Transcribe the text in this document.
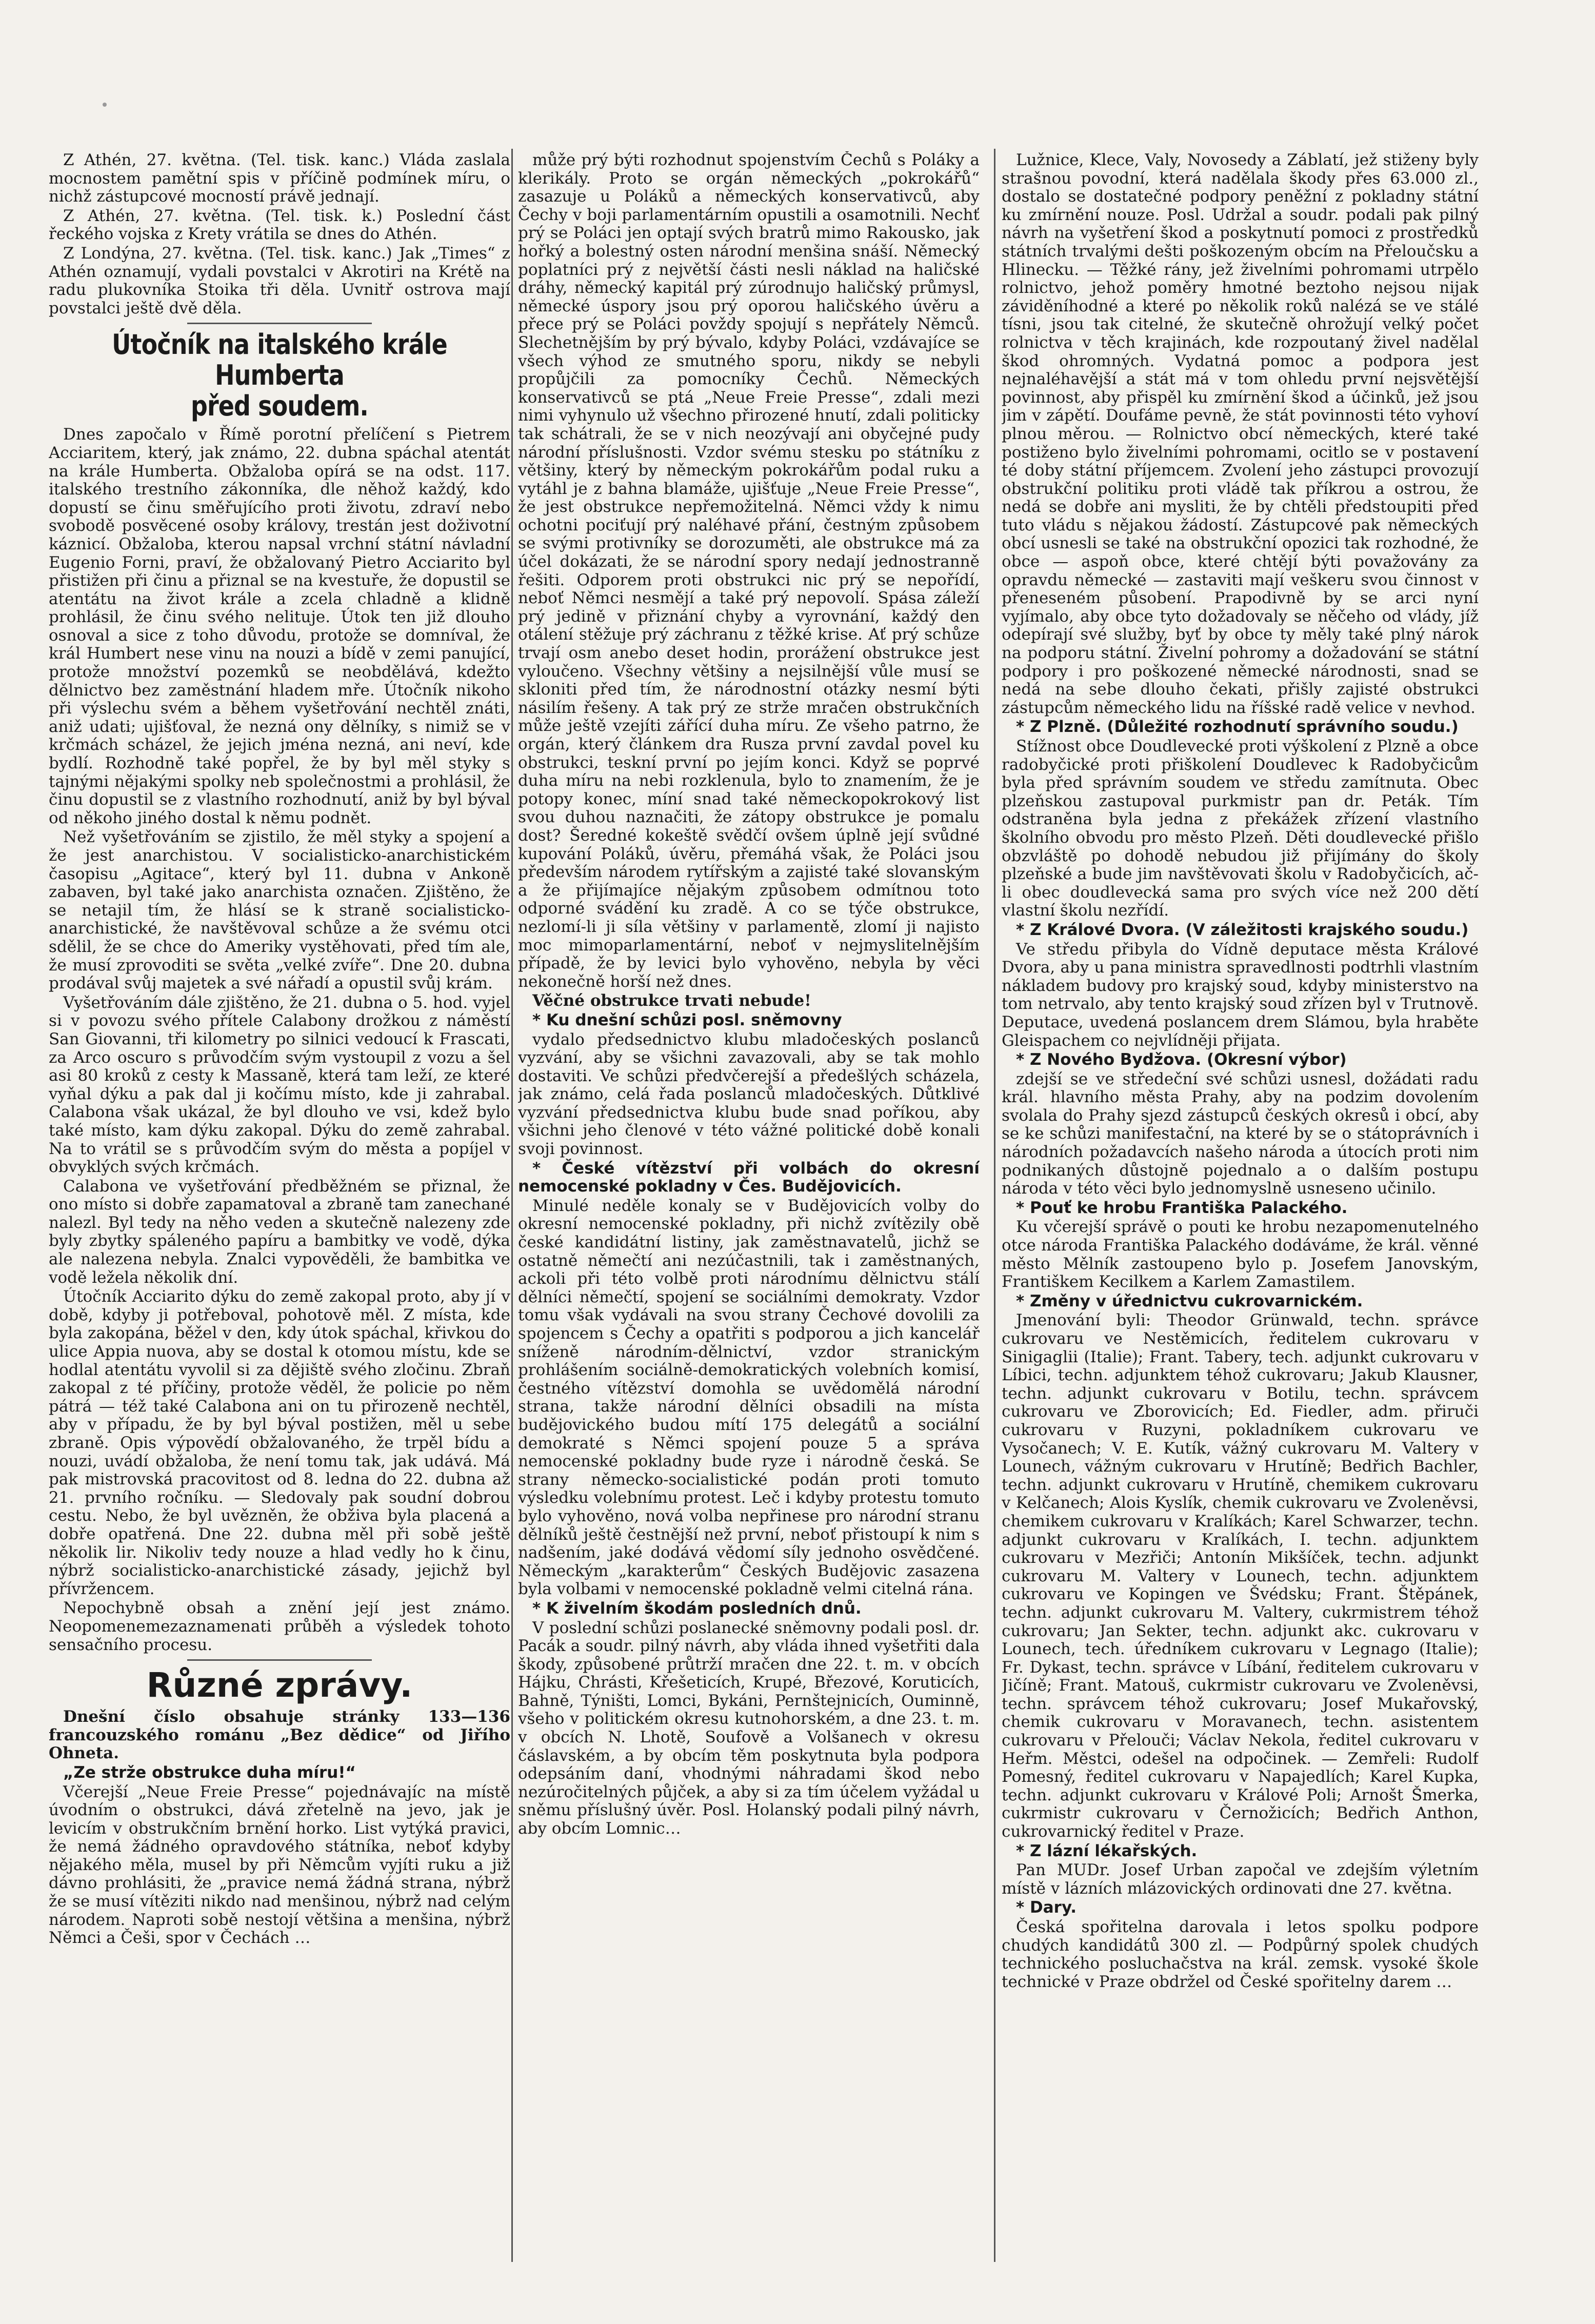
Z Athén, 27. května. (Tel. tisk. kanc.) Vláda zaslala mocnostem pamětní spis v příčině podmínek míru, o nichž zástupcové mocností právě jednají.

Z Athén, 27. května. (Tel. tisk. k.) Poslední část řeckého vojska z Krety vrátila se dnes do Athén.

Z Londýna, 27. května. (Tel. tisk. kanc.) Jak „Times“ z Athén oznamují, vydali povstalci v Akrotiri na Krétě na radu plukovníka Stoika tři děla. Uvnitř ostrova mají povstalci ještě dvě děla.

Útočník na italského krále Humberta
před soudem.

Dnes započalo v Římě porotní přelíčení s Pietrem Acciaritem, který, jak známo, 22. dubna spáchal atentát na krále Humberta. Obžaloba opírá se na odst. 117. italského trestního zákonníka, dle něhož každý, kdo dopustí se činu směřujícího proti životu, zdraví nebo svobodě posvěcené osoby královy, trestán jest doživotní káznicí. Obžaloba, kterou napsal vrchní státní návladní Eugenio Forni, praví, že obžalovaný Pietro Acciarito byl přistižen při činu a přiznal se na kvestuře, že dopustil se atentátu na život krále a zcela chladně a klidně prohlásil, že činu svého nelituje. Útok ten již dlouho osnoval a sice z toho důvodu, protože se domníval, že král Humbert nese vinu na nouzi a bídě v zemi panující, protože množství pozemků se neobdělává, kdežto dělnictvo bez zaměstnání hladem mře. Útočník nikoho při výslechu svém a během vyšetřování nechtěl znáti, aniž udati; ujišťoval, že nezná ony dělníky, s nimiž se v krčmách scházel, že jejich jména nezná, ani neví, kde bydlí. Rozhodně také popřel, že by byl měl styky s tajnými nějakými spolky neb společnostmi a prohlásil, že činu dopustil se z vlastního rozhodnutí, aniž by byl býval od někoho jiného dostal k němu podnět.

Než vyšetřováním se zjistilo, že měl styky a spojení a že jest anarchistou. V socialisticko-anarchistickém časopisu „Agitace“, který byl 11. dubna v Ankoně zabaven, byl také jako anarchista označen. Zjištěno, že se netajil tím, že hlásí se k straně socialisticko-anarchistické, že navštěvoval schůze a že svému otci sdělil, že se chce do Ameriky vystěhovati, před tím ale, že musí zprovoditi se světa „velké zvíře“. Dne 20. dubna prodával svůj majetek a své nářadí a opustil svůj krám.

Vyšetřováním dále zjištěno, že 21. dubna o 5. hod. vyjel si v povozu svého přítele Calabony drožkou z náměstí San Giovanni, tři kilometry po silnici vedoucí k Frascati, za Arco oscuro s průvodčím svým vystoupil z vozu a šel asi 80 kroků z cesty k Massaně, která tam leží, ze které vyňal dýku a pak dal ji kočímu místo, kde ji zahrabal. Calabona však ukázal, že byl dlouho ve vsi, kdež bylo také místo, kam dýku zakopal. Dýku do země zahrabal. Na to vrátil se s průvodčím svým do města a popíjel v obvyklých svých krčmách.

Calabona ve vyšetřování předběžném se přiznal, že ono místo si dobře zapamatoval a zbraně tam zanechané nalezl. Byl tedy na něho veden a skutečně nalezeny zde byly zbytky spáleného papíru a bambitky ve vodě, dýka ale nalezena nebyla. Znalci vypověděli, že bambitka ve vodě ležela několik dní.

Útočník Acciarito dýku do země zakopal proto, aby jí v době, kdyby ji potřeboval, pohotově měl. Z místa, kde byla zakopána, běžel v den, kdy útok spáchal, křivkou do ulice Appia nuova, aby se dostal k otomou místu, kde se hodlal atentátu vyvolil si za dějiště svého zločinu. Zbraň zakopal z té příčiny, protože věděl, že policie po něm pátrá — též také Calabona ani on tu přirozeně nechtěl, aby v případu, že by byl býval postižen, měl u sebe zbraně. Opis výpovědí obžalovaného, že trpěl bídu a nouzi, uvádí obžaloba, že není tomu tak, jak udává. Má pak mistrovská pracovitost od 8. ledna do 22. dubna až 21. prvního ročníku. — Sledovaly pak soudní dobrou cestu. Nebo, že byl uvězněn, že obživa byla placená a dobře opatřená. Dne 22. dubna měl při sobě ještě několik lir. Nikoliv tedy nouze a hlad vedly ho k činu, nýbrž socialisticko-anarchistické zásady, jejichž byl přívržencem.

Nepochybně obsah a znění její jest známo. Neopomenemezaznamenati průběh a výsledek tohoto sensačního procesu.

Různé zprávy.

Dnešní číslo obsahuje stránky 133—136 francouzského románu „Bez dědice“ od Jiřího Ohneta.

„Ze strže obstrukce duha míru!“

Včerejší „Neue Freie Presse“ pojednávajíc na místě úvodním o obstrukci, dává zřetelně na jevo, jak je levicím v obstrukčním brnění horko. List vytýká pravici, že nemá žádného opravdového státníka, neboť kdyby nějakého měla, musel by při Němcům vyjíti ruku a již dávno prohlásiti, že „pravice nemá žádná strana, nýbrž že se musí vítěziti nikdo nad menšinou, nýbrž nad celým národem. Naproti sobě nestojí většina a menšina, nýbrž Němci a Češi, spor v Čechách …

může prý býti rozhodnut spojenstvím Čechů s Poláky a klerikály. Proto se orgán německých „pokrokářů“ zasazuje u Poláků a německých konservativců, aby Čechy v boji parlamentárním opustili a osamotnili. Nechť prý se Poláci jen optají svých bratrů mimo Rakousko, jak hořký a bolestný osten národní menšina snáší. Německý poplatníci prý z největší části nesli náklad na haličské dráhy, německý kapitál prý zúrodnujo haličský průmysl, německé úspory jsou prý oporou haličského úvěru a přece prý se Poláci povždy spojují s nepřátely Němců. Slechetnějším by prý bývalo, kdyby Poláci, vzdávajíce se všech výhod ze smutného sporu, nikdy se nebyli propůjčili za pomocníky Čechů. Německých konservativců se ptá „Neue Freie Presse“, zdali mezi nimi vyhynulo už všechno přirozené hnutí, zdali politicky tak schátrali, že se v nich neozývají ani obyčejné pudy národní příslušnosti. Vzdor svému stesku po státníku z většiny, který by německým pokrokářům podal ruku a vytáhl je z bahna blamáže, ujišťuje „Neue Freie Presse“, že jest obstrukce nepřemožitelná. Němci vždy k nimu ochotni pociťují prý naléhavé přání, čestným způsobem se svými protivníky se dorozuměti, ale obstrukce má za účel dokázati, že se národní spory nedají jednostranně řešiti. Odporem proti obstrukci nic prý se nepořídí, neboť Němci nesmějí a také prý nepovolí. Spása záleží prý jedině v přiznání chyby a vyrovnání, každý den otálení stěžuje prý záchranu z těžké krise. Ať prý schůze trvají osm anebo deset hodin, prorážení obstrukce jest vyloučeno. Všechny většiny a nejsilnější vůle musí se skloniti před tím, že národnostní otázky nesmí býti násilím řešeny. A tak prý ze strže mračen obstrukčních může ještě vzejíti zářící duha míru. Ze všeho patrno, že orgán, který článkem dra Rusza první zavdal povel ku obstrukci, teskní první po jejím konci. Když se poprvé duha míru na nebi rozklenula, bylo to znamením, že je potopy konec, míní snad také německopokrokový list svou duhou naznačiti, že zátopy obstrukce je pomalu dost? Šeredné kokeště svědčí ovšem úplně její svůdné kupování Poláků, úvěru, přemáhá však, že Poláci jsou především národem rytířským a zajisté také slovanským a že přijímajíce nějakým způsobem odmítnou toto odporné svádění ku zradě. A co se týče obstrukce, nezlomí-li ji síla většiny v parlamentě, zlomí ji najisto moc mimoparlamentární, neboť v nejmyslitelnějším případě, že by levici bylo vyhověno, nebyla by věci nekonečně horší než dnes.

Věčné obstrukce trvati nebude!

* Ku dnešní schůzi posl. sněmovny

vydalo předsednictvo klubu mladočeských poslanců vyzvání, aby se všichni zavazovali, aby se tak mohlo dostaviti. Ve schůzi předvčerejší a předešlých scházela, jak známo, celá řada poslanců mladočeských. Důtklivé vyzvání předsednictva klubu bude snad poříkou, aby všichni jeho členové v této vážné politické době konali svoji povinnost.

* České vítězství při volbách do okresní nemocenské pokladny v Čes. Budějovicích.

Minulé neděle konaly se v Budějovicích volby do okresní nemocenské pokladny, při nichž zvítězily obě české kandidátní listiny, jak zaměstnavatelů, jichž se ostatně němečtí ani nezúčastnili, tak i zaměstnaných, ackoli při této volbě proti národnímu dělnictvu stálí dělníci němečtí, spojení se sociálními demokraty. Vzdor tomu však vydávali na svou strany Čechové dovolili za spojencem s Čechy a opatřiti s podporou a jich kancelář sníženě národním-dělnictví, vzdor stranickým prohlášením sociálně-demokratických volebních komisí, čestného vítězství domohla se uvědomělá národní strana, takže národní dělníci obsadili na místa budějovického budou mítí 175 delegátů a sociální demokraté s Němci spojení pouze 5 a správa nemocenské pokladny bude ryze i národně česká. Se strany německo-socialistické podán proti tomuto výsledku volebnímu protest. Leč i kdyby protestu tomuto bylo vyhověno, nová volba nepřinese pro národní stranu dělníků ještě čestnější než první, neboť přistoupí k nim s nadšením, jaké dodává vědomí síly jednoho osvědčené. Německým „karakterům“ Českých Budějovic zasazena byla volbami v nemocenské pokladně velmi citelná rána.

* K živelním škodám posledních dnů.

V poslední schůzi poslanecké sněmovny podali posl. dr. Pacák a soudr. pilný návrh, aby vláda ihned vyšetřiti dala škody, způsobené průtrží mračen dne 22. t. m. v obcích Hájku, Chrásti, Křešeticích, Krupé, Březové, Koruticích, Bahně, Týništi, Lomci, Bykáni, Pernštejnicích, Ouminně, všeho v politickém okresu kutnohorském, a dne 23. t. m. v obcích N. Lhotě, Soufově a Volšanech v okresu čáslavském, a by obcím těm poskytnuta byla podpora odepsáním daní, vhodnými náhradami škod nebo nezúročitelných půjček, a aby si za tím účelem vyžádal u sněmu příslušný úvěr. Posl. Holanský podali pilný návrh, aby obcím Lomnic…

Lužnice, Klece, Valy, Novosedy a Záblatí, jež stiženy byly strašnou povodní, která nadělala škody přes 63.000 zl., dostalo se dostatečné podpory peněžní z pokladny státní ku zmírnění nouze. Posl. Udržal a soudr. podali pak pilný návrh na vyšetření škod a poskytnutí pomoci z prostředků státních trvalými dešti poškozeným obcím na Přeloučsku a Hlinecku. — Těžké rány, jež živelními pohromami utrpělo rolnictvo, jehož poměry hmotné beztoho nejsou nijak záviděníhodné a které po několik roků nalézá se ve stálé tísni, jsou tak citelné, že skutečně ohrožují velký počet rolnictva v těch krajinách, kde rozpoutaný živel nadělal škod ohromných. Vydatná pomoc a podpora jest nejnaléhavější a stát má v tom ohledu první nejsvětější povinnost, aby přispěl ku zmírnění škod a účinků, jež jsou jim v zápětí. Doufáme pevně, že stát povinnosti této vyhoví plnou měrou. — Rolnictvo obcí německých, které také postiženo bylo živelními pohromami, ocitlo se v postavení té doby státní příjemcem. Zvolení jeho zástupci provozují obstrukční politiku proti vládě tak příkrou a ostrou, že nedá se dobře ani mysliti, že by chtěli předstoupiti před tuto vládu s nějakou žádostí. Zástupcové pak německých obcí usnesli se také na obstrukční opozici tak rozhodné, že obce — aspoň obce, které chtějí býti považovány za opravdu německé — zastaviti mají veškeru svou činnost v přeneseném působení. Prapodivně by se arci nyní vyjímalo, aby obce tyto dožadovaly se něčeho od vlády, jíž odepírají své služby, byť by obce ty měly také plný nárok na podporu státní. Živelní pohromy a dožadování se státní podpory i pro poškozené německé národnosti, snad se nedá na sebe dlouho čekati, přišly zajisté obstrukci zástupcům německého lidu na říšské radě velice v nevhod.

* Z Plzně. (Důležité rozhodnutí správního soudu.)

Stížnost obce Doudlevecké proti výškolení z Plzně a obce radobyčické proti přiškolení Doudlevec k Radobyčicům byla před správním soudem ve středu zamítnuta. Obec plzeňskou zastupoval purkmistr pan dr. Peták. Tím odstraněna byla jedna z překážek zřízení vlastního školního obvodu pro město Plzeň. Děti doudlevecké přišlo obzvláště po dohodě nebudou již přijímány do školy plzeňské a bude jim navštěvovati školu v Radobyčicích, ač-li obec doudlevecká sama pro svých více než 200 dětí vlastní školu nezřídí.

* Z Králové Dvora. (V záležitosti krajského soudu.)

Ve středu přibyla do Vídně deputace města Králové Dvora, aby u pana ministra spravedlnosti podtrhli vlastním nákladem budovy pro krajský soud, kdyby ministerstvo na tom netrvalo, aby tento krajský soud zřízen byl v Trutnově. Deputace, uvedená poslancem drem Slámou, byla hraběte Gleispachem co nejvlídněji přijata.

* Z Nového Bydžova. (Okresní výbor)

zdejší se ve středeční své schůzi usnesl, dožádati radu král. hlavního města Prahy, aby na podzim dovolením svolala do Prahy sjezd zástupců českých okresů i obcí, aby se ke schůzi manifestační, na které by se o státoprávních i národních požadavcích našeho národa a útocích proti nim podnikaných důstojně pojednalo a o dalším postupu národa v této věci bylo jednomyslně usneseno učinilo.

* Pouť ke hrobu Františka Palackého.

Ku včerejší správě o pouti ke hrobu nezapomenutelného otce národa Františka Palackého dodáváme, že král. věnné město Mělník zastoupeno bylo p. Josefem Janovským, Františkem Kecilkem a Karlem Zamastilem.

* Změny v úřednictvu cukrovarnickém.

Jmenování byli: Theodor Grünwald, techn. správce cukrovaru ve Nestěmicích, ředitelem cukrovaru v Sinigaglii (Italie); Frant. Tabery, tech. adjunkt cukrovaru v Líbici, techn. adjunktem téhož cukrovaru; Jakub Klausner, techn. adjunkt cukrovaru v Botilu, techn. správcem cukrovaru ve Zborovicích; Ed. Fiedler, adm. přiruči cukrovaru v Ruzyni, pokladníkem cukrovaru ve Vysočanech; V. E. Kutík, vážný cukrovaru M. Valtery v Lounech, vážným cukrovaru v Hrutíně; Bedřich Bachler, techn. adjunkt cukrovaru v Hrutíně, chemikem cukrovaru v Kelčanech; Alois Kyslík, chemik cukrovaru ve Zvoleněvsi, chemikem cukrovaru v Kralíkách; Karel Schwarzer, techn. adjunkt cukrovaru v Kralíkách, I. techn. adjunktem cukrovaru v Mezřiči; Antonín Mikšíček, techn. adjunkt cukrovaru M. Valtery v Lounech, techn. adjunktem cukrovaru ve Kopingen ve Švédsku; Frant. Štěpánek, techn. adjunkt cukrovaru M. Valtery, cukrmistrem téhož cukrovaru; Jan Sekter, techn. adjunkt akc. cukrovaru v Lounech, tech. úředníkem cukrovaru v Legnago (Italie); Fr. Dykast, techn. správce v Líbání, ředitelem cukrovaru v Jičíně; Frant. Matouš, cukrmistr cukrovaru ve Zvoleněvsi, techn. správcem téhož cukrovaru; Josef Mukařovský, chemik cukrovaru v Moravanech, techn. asistentem cukrovaru v Přelouči; Václav Nekola, ředitel cukrovaru v Heřm. Městci, odešel na odpočinek. — Zemřeli: Rudolf Pomesný, ředitel cukrovaru v Napajedlích; Karel Kupka, techn. adjunkt cukrovaru v Králové Poli; Arnošt Šmerka, cukrmistr cukrovaru v Černožicích; Bedřich Anthon, cukrovarnický ředitel v Praze.

* Z lázní lékařských.

Pan MUDr. Josef Urban započal ve zdejším výletním místě v lázních mlázovických ordinovati dne 27. května.

* Dary.

Česká spořitelna darovala i letos spolku podpore chudých kandidátů 300 zl. — Podpůrný spolek chudých technického posluchačstva na král. zemsk. vysoké škole technické v Praze obdržel od České spořitelny darem …
